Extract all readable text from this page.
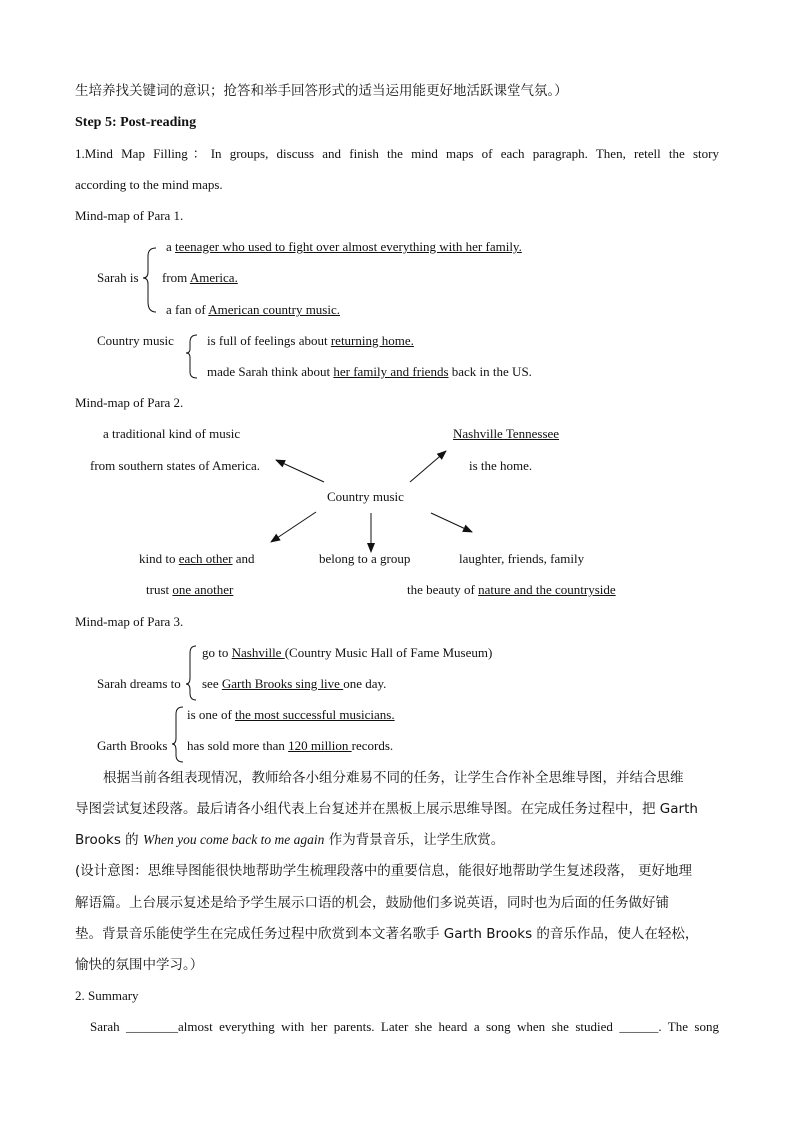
生培养找关键词的意识；抢答和举手回答形式的适当运用能更好地活跃课堂气氛。）
Step 5: Post-reading
1.Mind Map Filling：In groups, discuss and finish the mind maps of each paragraph. Then, retell the story
according to the mind maps.
Mind-map of Para 1.
Sarah is
a teenager who used to fight over almost everything with her family.
from America.
a fan of American country music.
Country music	is full of feelings about returning home.
made Sarah think about her family and friends back in the US.
Mind-map of Para 2.
a traditional kind of music
from southern states of America.
Nashville Tennessee
is the home.
Country music
kind to each other and
trust one another
belong to a group	laughter, friends, family
the beauty of nature and the countryside
Mind-map of Para 3.
Sarah dreams to
go to Nashville (Country Music Hall of Fame Museum)
see Garth Brooks sing live one day.
Garth Brooks
is one of the most successful musicians.
has sold more than 120 million records.
根据当前各组表现情况，教师给各小组分难易不同的任务，让学生合作补全思维导图，并结合思维
导图尝试复述段落。最后请各小组代表上台复述并在黑板上展示思维导图。在完成任务过程中，把 Garth
Brooks 的 When you come back to me again 作为背景音乐，让学生欣赏。
(设计意图：思维导图能很快地帮助学生梳理段落中的重要信息，能很好地帮助学生复述段落， 更好地理
解语篇。上台展示复述是给予学生展示口语的机会，鼓励他们多说英语，同时也为后面的任务做好铺
垫。背景音乐能使学生在完成任务过程中欣赏到本文著名歌手 Garth Brooks 的音乐作品，使人在轻松，
愉快的氛围中学习。）
2. Summary
Sarah ________almost everything with her parents. Later she heard a song when she studied ______. The song
